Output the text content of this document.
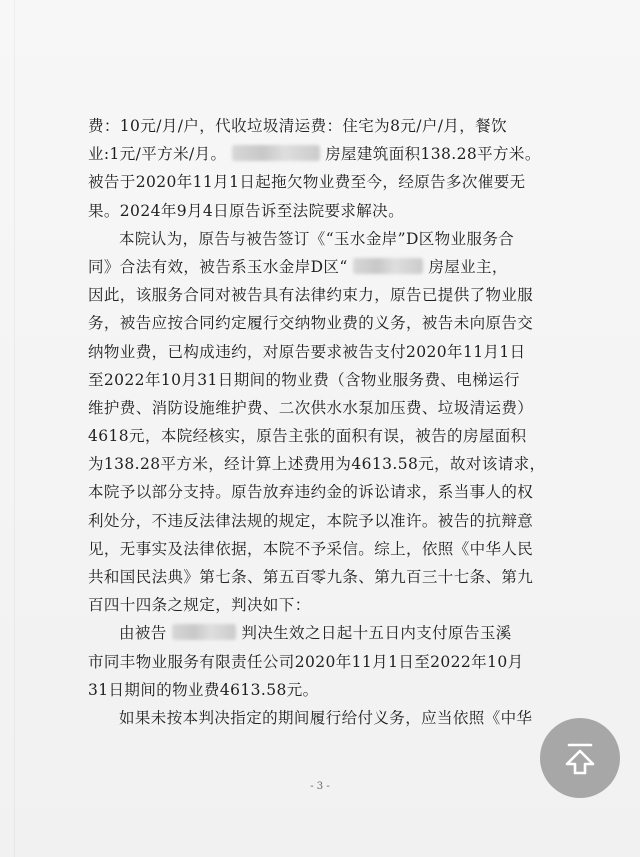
费：10元/月/户，代收垃圾清运费：住宅为8元/户/月，餐饮
业:1元/平方米/月。	房屋建筑面积138.28平方米。
被告于2020年11月1日起拖欠物业费至今，经原告多次催要无
果。2024年9月4日原告诉至法院要求解决。
本院认为，原告与被告签订《“玉水金岸”D区物业服务合
同》合法有效，被告系玉水金岸D区“	房屋业主，
因此，该服务合同对被告具有法律约束力，原告已提供了物业服
务，被告应按合同约定履行交纳物业费的义务，被告未向原告交
纳物业费，已构成违约，对原告要求被告支付2020年11月1日
至2022年10月31日期间的物业费（含物业服务费、电梯运行
维护费、消防设施维护费、二次供水水泵加压费、垃圾清运费）
4618元，本院经核实，原告主张的面积有误，被告的房屋面积
为138.28平方米，经计算上述费用为4613.58元，故对该请求，
本院予以部分支持。原告放弃违约金的诉讼请求，系当事人的权
利处分，不违反法律法规的规定，本院予以准许。被告的抗辩意
见，无事实及法律依据，本院不予采信。综上，依照《中华人民
共和国民法典》第七条、第五百零九条、第九百三十七条、第九
百四十四条之规定，判决如下：
由被告	判决生效之日起十五日内支付原告玉溪
市同丰物业服务有限责任公司2020年11月1日至2022年10月
31日期间的物业费4613.58元。
如果未按本判决指定的期间履行给付义务，应当依照《中华
- 3 -
